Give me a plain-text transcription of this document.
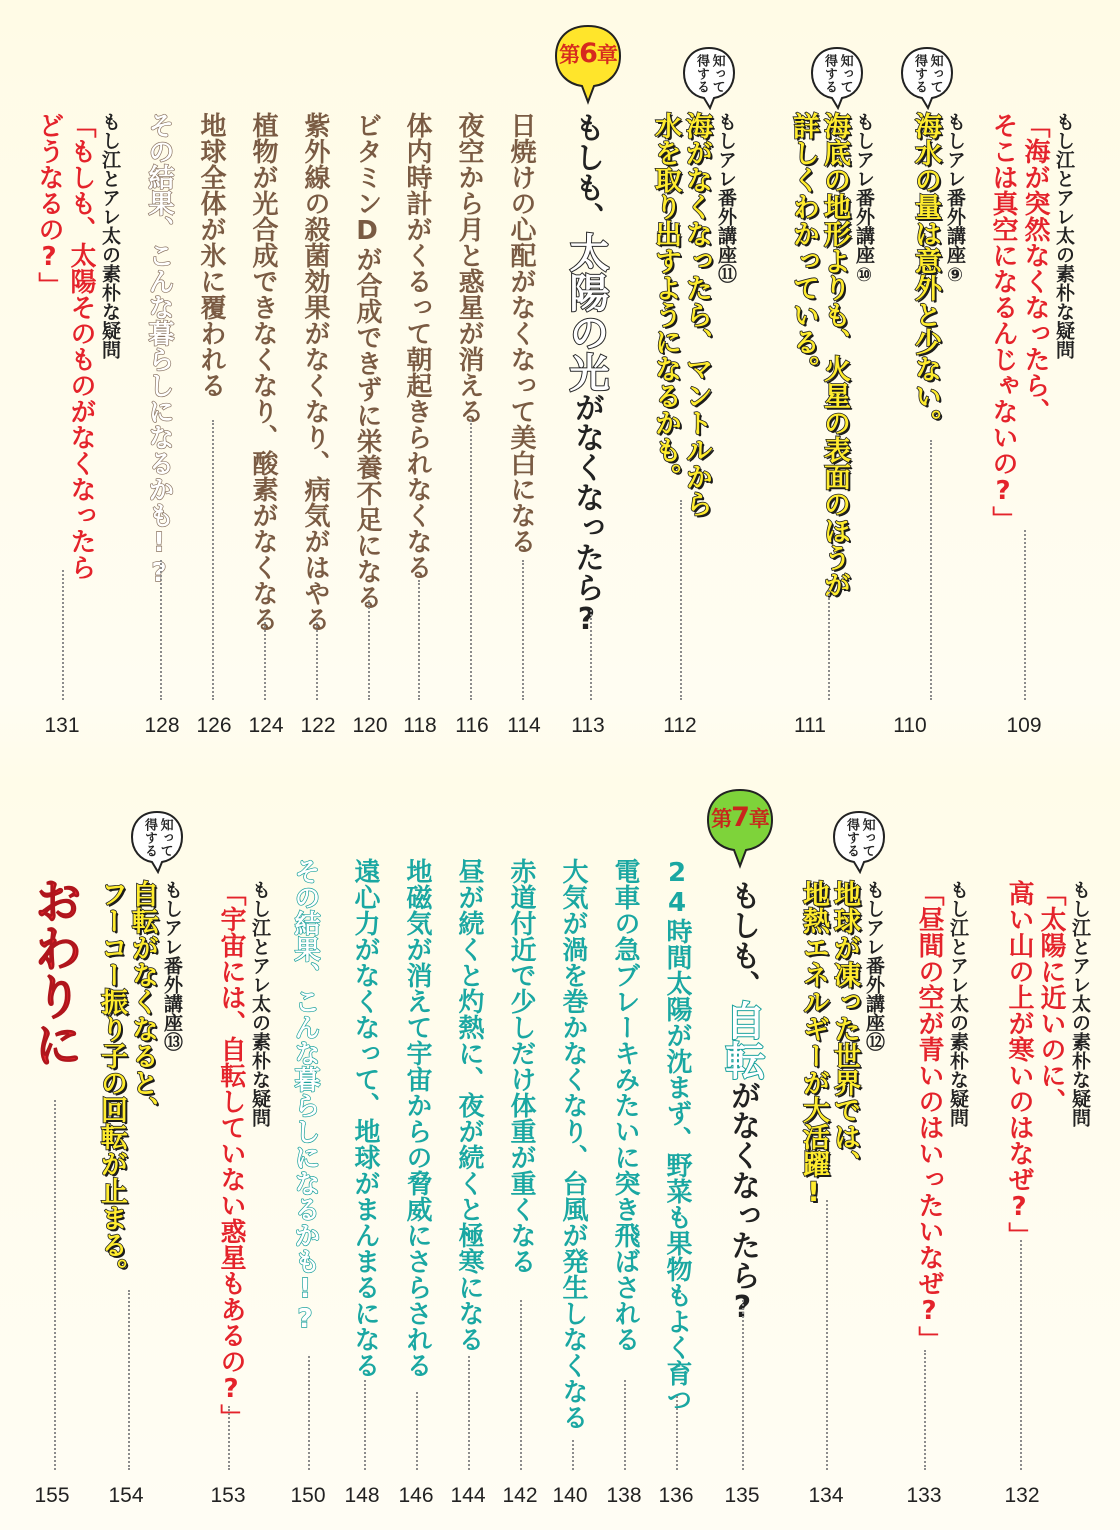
もし江とアレ太の素朴な疑問
「海が突然なくなったら、
そこは真空になるんじゃないの?」
109
知って
得する
もしアレ番外講座⑨
海水の量は意外と少ない。
110
知って
得する
もしアレ番外講座⑩
海底の地形よりも、火星の表面のほうが
詳しくわかっている。
111
知って
得する
もしアレ番外講座⑪
海がなくなったら、マントルから
水を取り出すようになるかも。
112
第6章
もしも、太陽の光がなくなったら?
113
日焼けの心配がなくなって美白になる
114
夜空から月と惑星が消える
116
体内時計がくるって朝起きられなくなる
118
ビタミンDが合成できずに栄養不足になる
120
紫外線の殺菌効果がなくなり、病気がはやる
122
植物が光合成できなくなり、酸素がなくなる
124
地球全体が氷に覆われる
126
その結果、こんな暮らしになるかも!?
128
もし江とアレ太の素朴な疑問
「もしも、太陽そのものがなくなったら
どうなるの?」
131
もし江とアレ太の素朴な疑問
「太陽に近いのに、
高い山の上が寒いのはなぜ?」
132
もし江とアレ太の素朴な疑問
「昼間の空が青いのはいったいなぜ?」
133
知って
得する
もしアレ番外講座⑫
地球が凍った世界では、
地熱エネルギーが大活躍!
134
第7章
もしも、自転がなくなったら?
135
24時間太陽が沈まず、野菜も果物もよく育つ
136
電車の急ブレーキみたいに突き飛ばされる
138
大気が渦を巻かなくなり、台風が発生しなくなる
140
赤道付近で少しだけ体重が重くなる
142
昼が続くと灼熱に、夜が続くと極寒になる
144
地磁気が消えて宇宙からの脅威にさらされる
146
遠心力がなくなって、地球がまんまるになる
148
その結果、こんな暮らしになるかも!?
150
もし江とアレ太の素朴な疑問
「宇宙には、自転していない惑星もあるの?」
153
知って
得する
もしアレ番外講座⑬
自転がなくなると、
フーコー振り子の回転が止まる。
154
おわりに
155
